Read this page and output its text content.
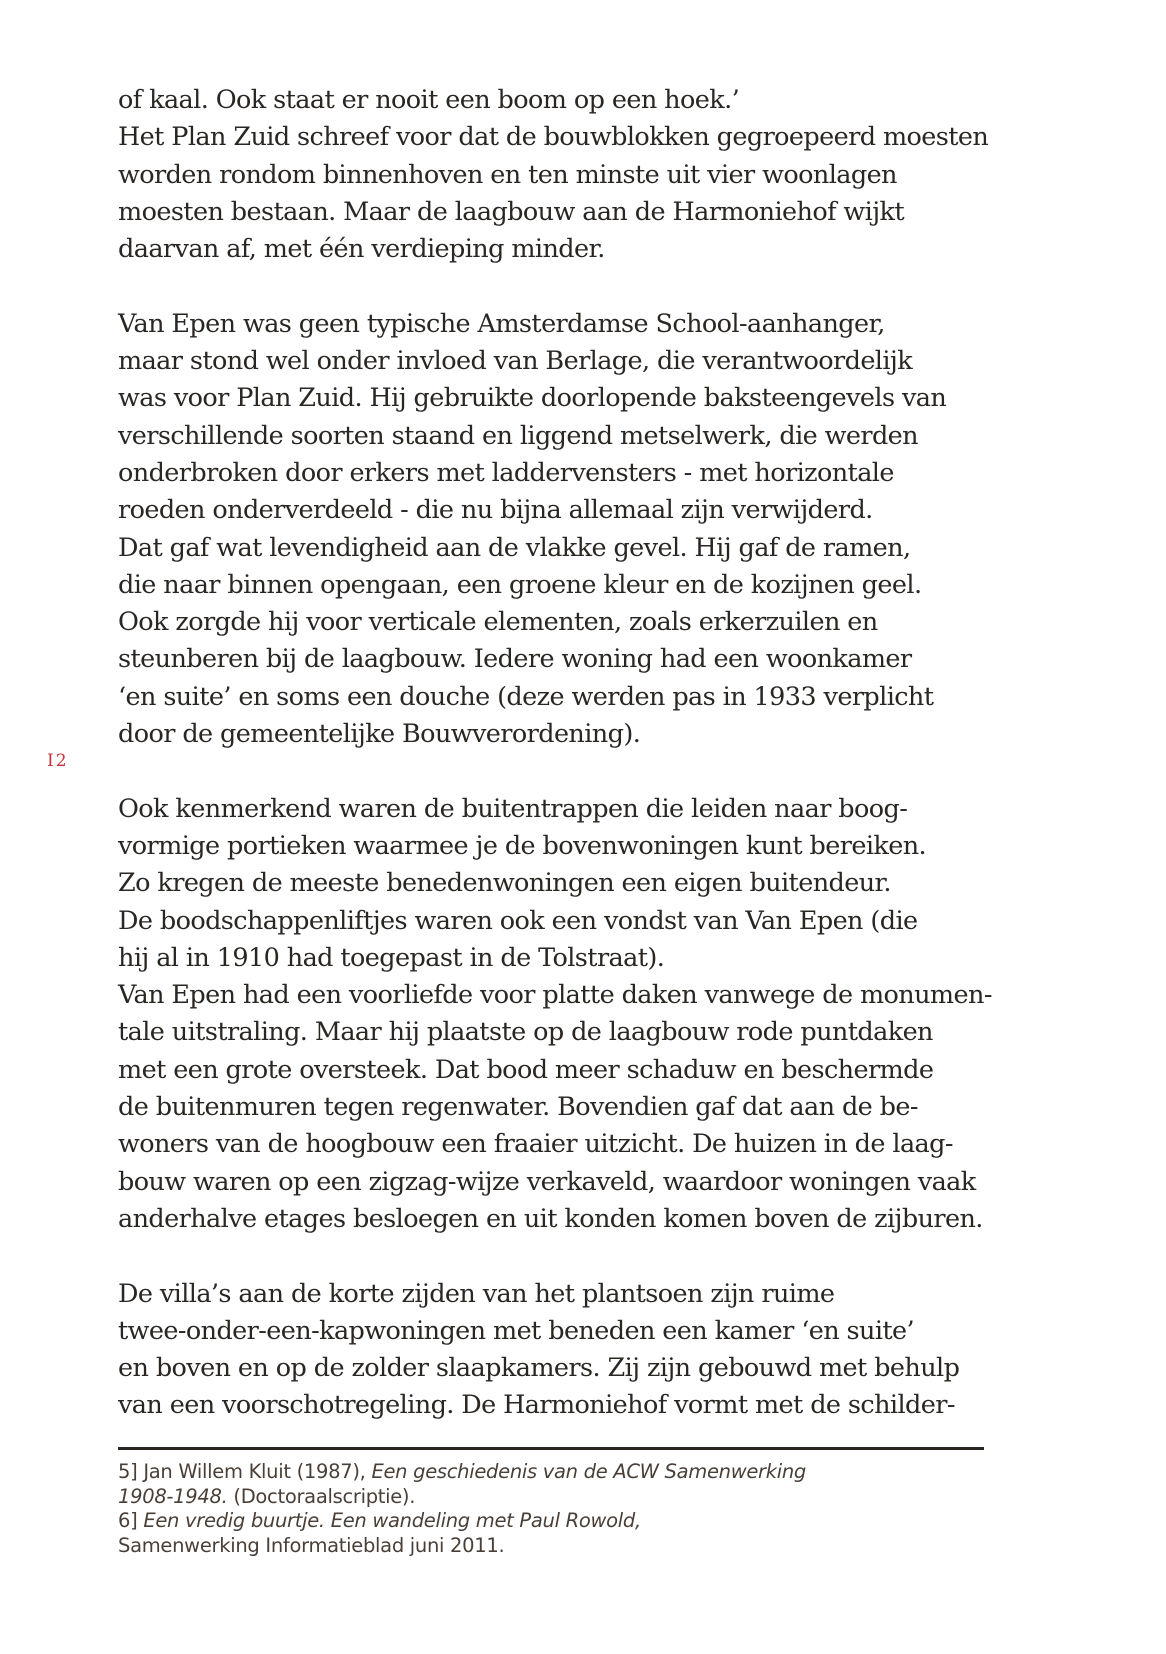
I2
of kaal. Ook staat er nooit een boom op een hoek.’
Het Plan Zuid schreef voor dat de bouwblokken gegroepeerd moesten
worden rondom binnenhoven en ten minste uit vier woonlagen
moesten bestaan. Maar de laagbouw aan de Harmoniehof wijkt
daarvan af, met één verdieping minder.
Van Epen was geen typische Amsterdamse School-aanhanger,
maar stond wel onder invloed van Berlage, die verantwoordelijk
was voor Plan Zuid. Hij gebruikte doorlopende baksteengevels van
verschillende soorten staand en liggend metselwerk, die werden
onderbroken door erkers met laddervensters - met horizontale
roeden onderverdeeld - die nu bijna allemaal zijn verwijderd.
Dat gaf wat levendigheid aan de vlakke gevel. Hij gaf de ramen,
die naar binnen opengaan, een groene kleur en de kozijnen geel.
Ook zorgde hij voor verticale elementen, zoals erkerzuilen en
steunberen bij de laagbouw. Iedere woning had een woonkamer
‘en suite’ en soms een douche (deze werden pas in 1933 verplicht
door de gemeentelijke Bouwverordening).
Ook kenmerkend waren de buitentrappen die leiden naar boog-
vormige portieken waarmee je de bovenwoningen kunt bereiken.
Zo kregen de meeste benedenwoningen een eigen buitendeur.
De boodschappenliftjes waren ook een vondst van Van Epen (die
hij al in 1910 had toegepast in de Tolstraat).
Van Epen had een voorliefde voor platte daken vanwege de monumen-
tale uitstraling. Maar hij plaatste op de laagbouw rode puntdaken
met een grote oversteek. Dat bood meer schaduw en beschermde
de buitenmuren tegen regenwater. Bovendien gaf dat aan de be-
woners van de hoogbouw een fraaier uitzicht. De huizen in de laag-
bouw waren op een zigzag-wijze verkaveld, waardoor woningen vaak
anderhalve etages besloegen en uit konden komen boven de zijburen.
De villa’s aan de korte zijden van het plantsoen zijn ruime
twee-onder-een-kapwoningen met beneden een kamer ‘en suite’
en boven en op de zolder slaapkamers. Zij zijn gebouwd met behulp
van een voorschotregeling. De Harmoniehof vormt met de schilder-
5] Jan Willem Kluit (1987), Een geschiedenis van de ACW Samenwerking
1908-1948. (Doctoraalscriptie).
6] Een vredig buurtje. Een wandeling met Paul Rowold,
Samenwerking Informatieblad juni 2011.
